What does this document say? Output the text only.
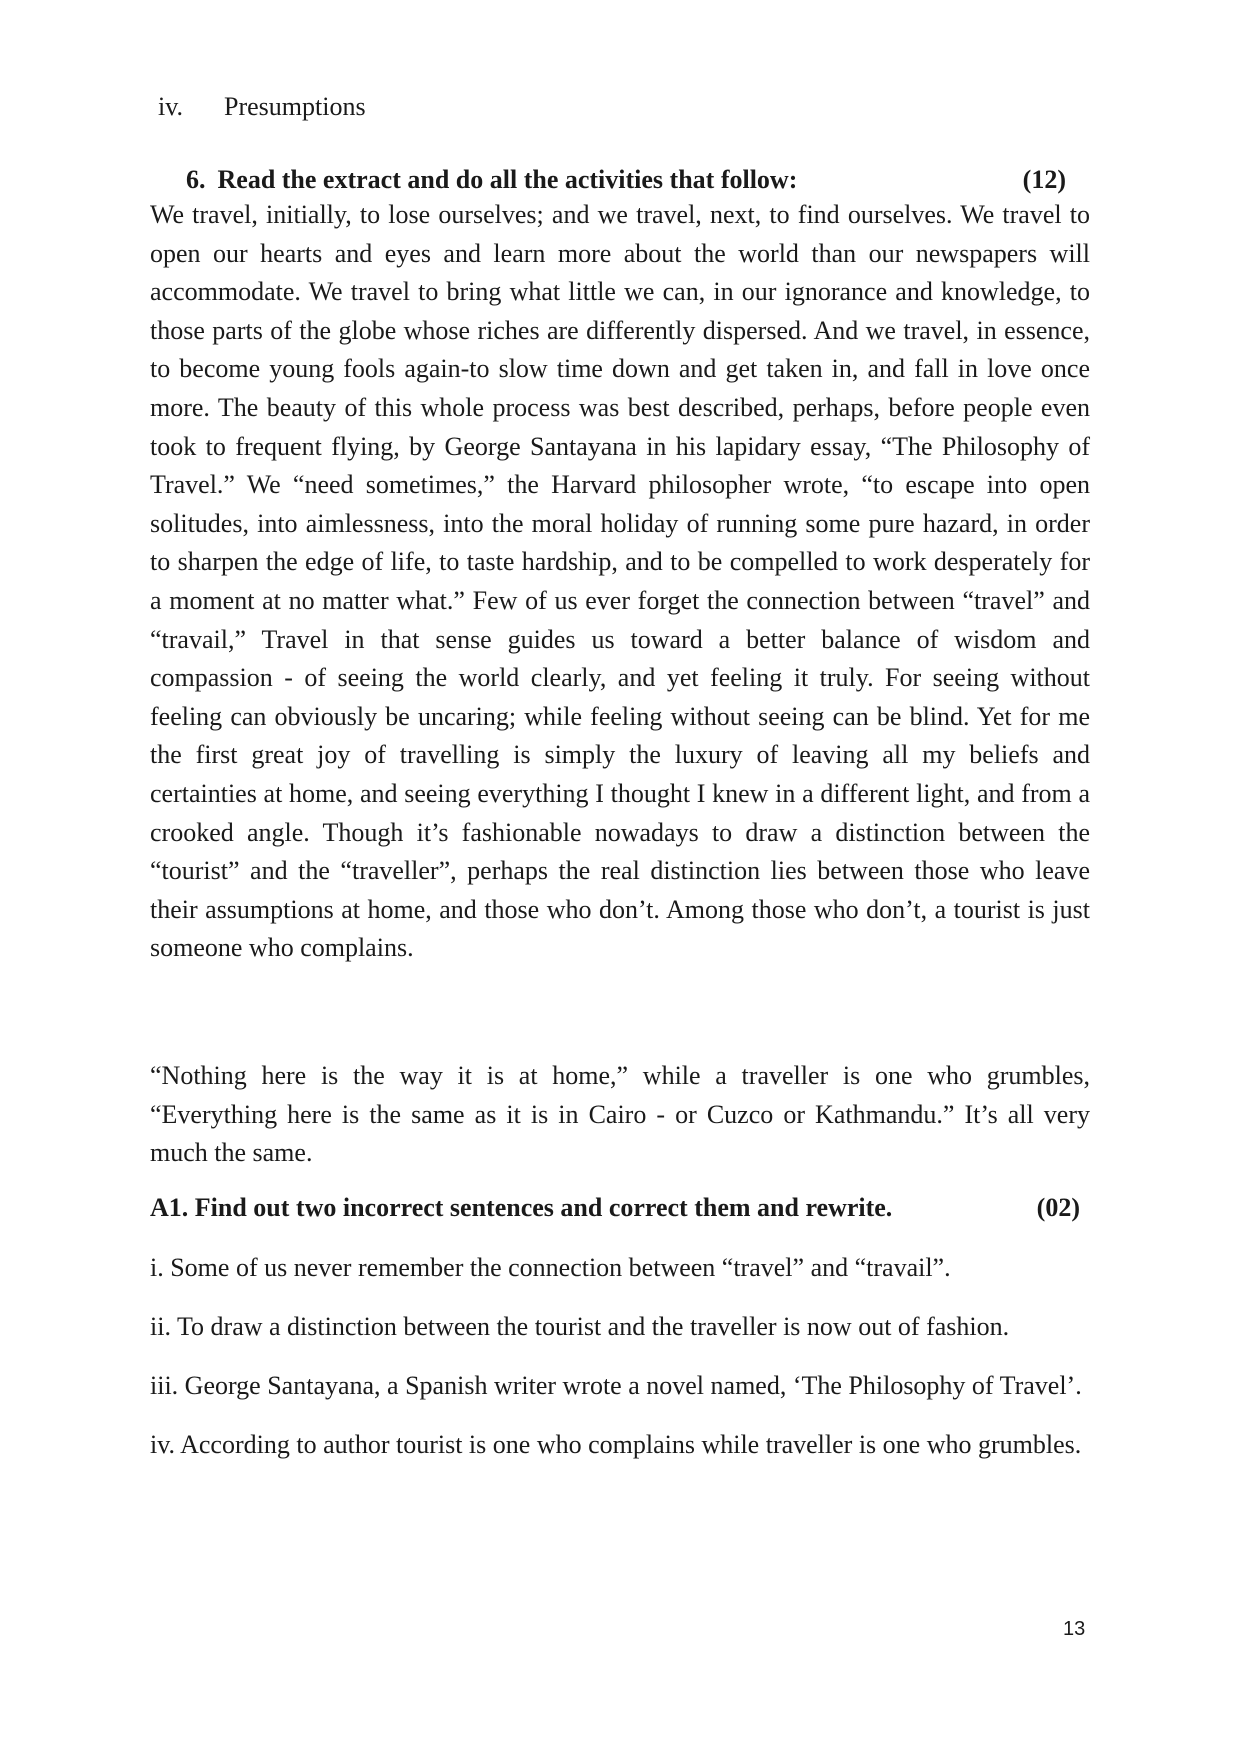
iv. Presumptions
6. Read the extract and do all the activities that follow:	(12)

We travel, initially, to lose ourselves; and we travel, next, to find ourselves. We travel to open our hearts and eyes and learn more about the world than our newspapers will accommodate. We travel to bring what little we can, in our ignorance and knowledge, to those parts of the globe whose riches are differently dispersed. And we travel, in essence, to become young fools again-to slow time down and get taken in, and fall in love once more. The beauty of this whole process was best described, perhaps, before people even took to frequent flying, by George Santayana in his lapidary essay, “The Philosophy of Travel.” We “need sometimes,” the Harvard philosopher wrote, “to escape into open solitudes, into aimlessness, into the moral holiday of running some pure hazard, in order to sharpen the edge of life, to taste hardship, and to be compelled to work desperately for a moment at no matter what.” Few of us ever forget the connection between “travel” and “travail,” Travel in that sense guides us toward a better balance of wisdom and compassion - of seeing the world clearly, and yet feeling it truly. For seeing without feeling can obviously be uncaring; while feeling without seeing can be blind. Yet for me the first great joy of travelling is simply the luxury of leaving all my beliefs and certainties at home, and seeing everything I thought I knew in a different light, and from a crooked angle. Though it’s fashionable nowadays to draw a distinction between the “tourist” and the “traveller”, perhaps the real distinction lies between those who leave their assumptions at home, and those who don’t. Among those who don’t, a tourist is just someone who complains.

“Nothing here is the way it is at home,” while a traveller is one who grumbles, “Everything here is the same as it is in Cairo - or Cuzco or Kathmandu.” It’s all very much the same.

A1. Find out two incorrect sentences and correct them and rewrite.	(02)

i. Some of us never remember the connection between “travel” and “travail”.

ii. To draw a distinction between the tourist and the traveller is now out of fashion.

iii. George Santayana, a Spanish writer wrote a novel named, ‘The Philosophy of Travel’.

iv. According to author tourist is one who complains while traveller is one who grumbles.

13
